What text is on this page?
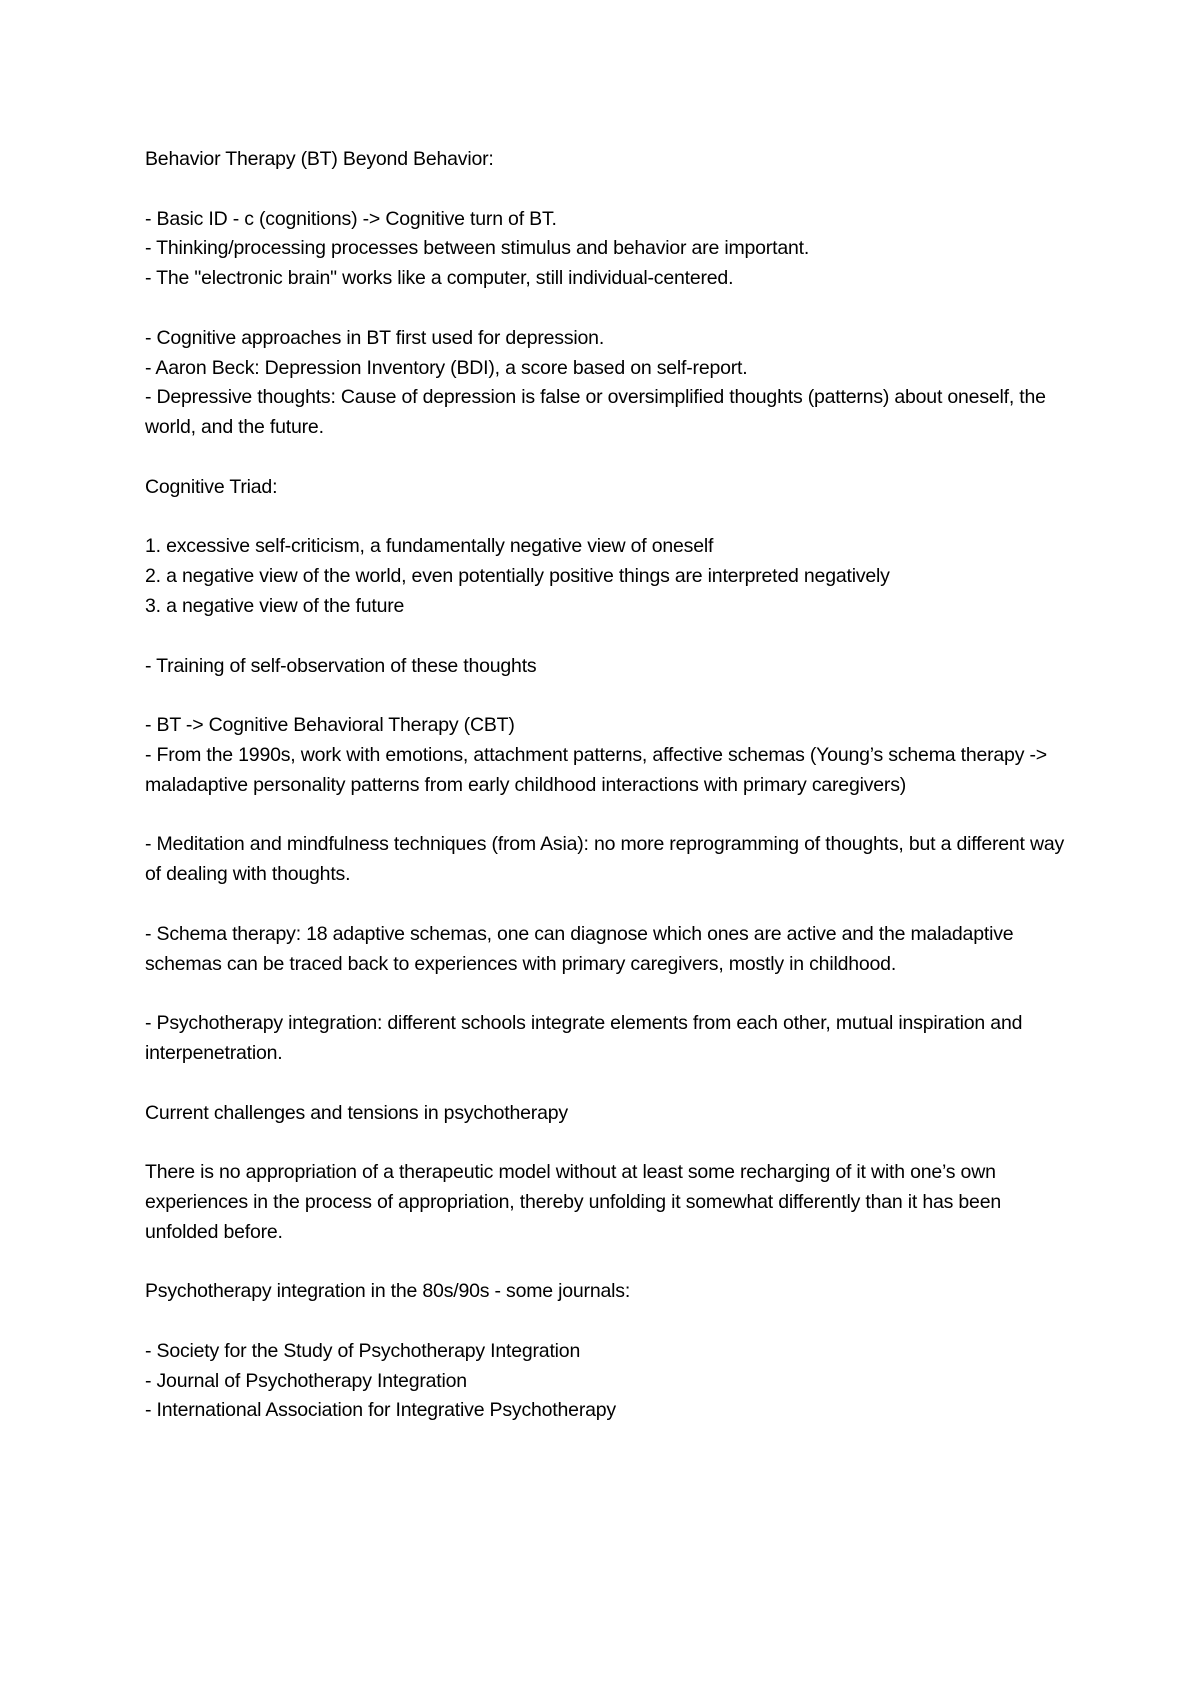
Behavior Therapy (BT) Beyond Behavior:
- Basic ID - c (cognitions) -> Cognitive turn of BT.
- Thinking/processing processes between stimulus and behavior are important.
- The "electronic brain" works like a computer, still individual-centered.
- Cognitive approaches in BT first used for depression.
- Aaron Beck: Depression Inventory (BDI), a score based on self-report.
- Depressive thoughts: Cause of depression is false or oversimplified thoughts (patterns) about oneself, the world, and the future.
Cognitive Triad:
1. excessive self-criticism, a fundamentally negative view of oneself
2. a negative view of the world, even potentially positive things are interpreted negatively
3. a negative view of the future
- Training of self-observation of these thoughts
- BT -> Cognitive Behavioral Therapy (CBT)
- From the 1990s, work with emotions, attachment patterns, affective schemas (Young’s schema therapy -> maladaptive personality patterns from early childhood interactions with primary caregivers)
- Meditation and mindfulness techniques (from Asia): no more reprogramming of thoughts, but a different way of dealing with thoughts.
- Schema therapy: 18 adaptive schemas, one can diagnose which ones are active and the maladaptive schemas can be traced back to experiences with primary caregivers, mostly in childhood.
- Psychotherapy integration: different schools integrate elements from each other, mutual inspiration and interpenetration.
Current challenges and tensions in psychotherapy
There is no appropriation of a therapeutic model without at least some recharging of it with one’s own experiences in the process of appropriation, thereby unfolding it somewhat differently than it has been unfolded before.
Psychotherapy integration in the 80s/90s - some journals:
- Society for the Study of Psychotherapy Integration
- Journal of Psychotherapy Integration
- International Association for Integrative Psychotherapy
